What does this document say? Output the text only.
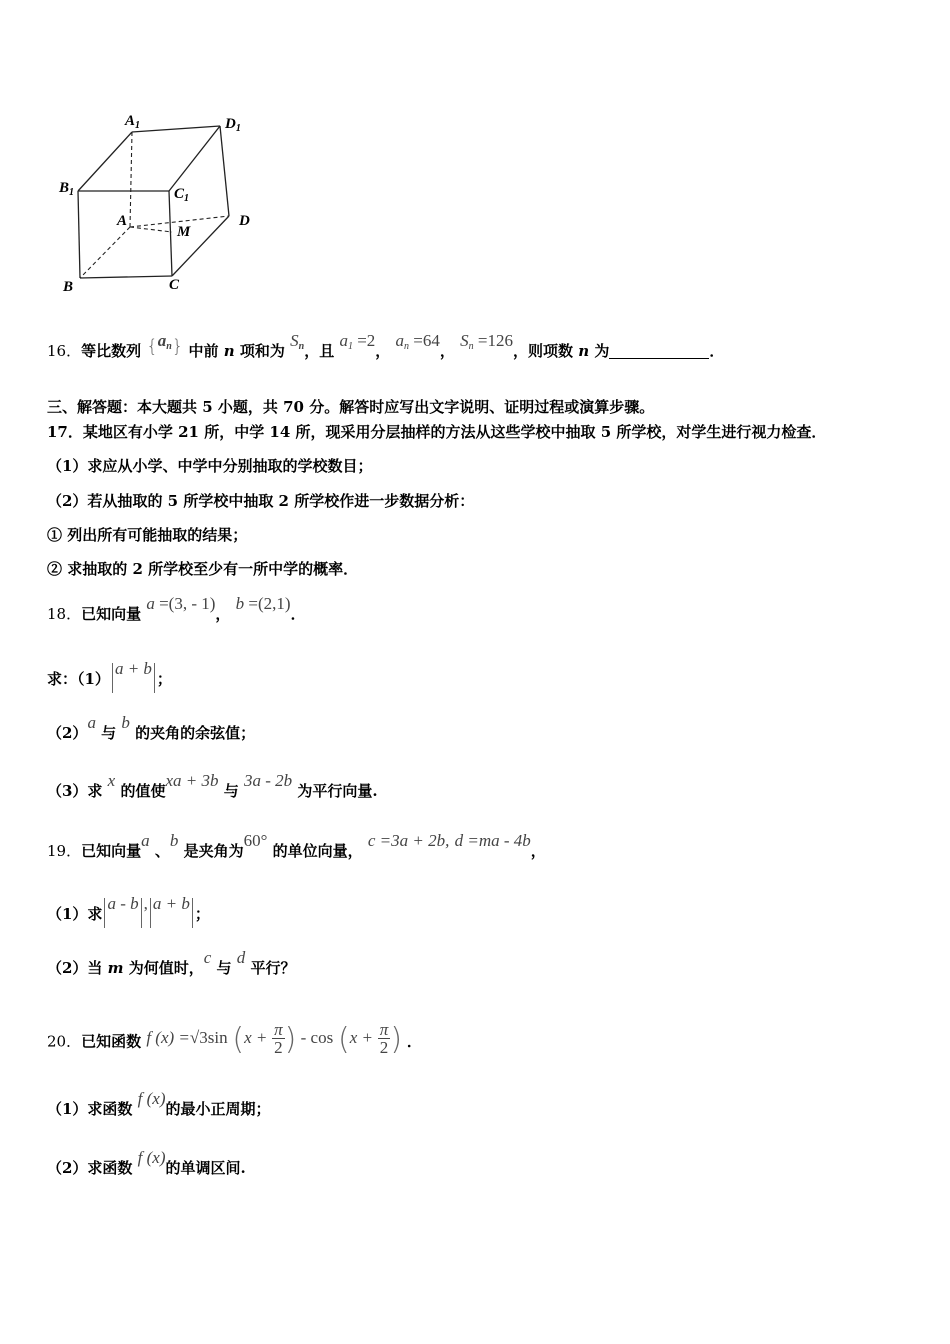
$A_1$	$D_1$
$B_1$	$C_1$
A	D
M
B	C
16．等比数列 $\{a_n\}$ 中前 n 项和为 $S_n$，且 $a_1 =2$， $a_n =64$， $S_n =126$，则项数 n 为	．
三、解答题：本大题共 5 小题，共 70 分。解答时应写出文字说明、证明过程或演算步骤。
17．某地区有小学 21 所，中学 14 所，现采用分层抽样的方法从这些学校中抽取 5 所学校，对学生进行视力检查．
（1）求应从小学、中学中分别抽取的学校数目；
（2）若从抽取的 5 所学校中抽取 2 所学校作进一步数据分析：
① 列出所有可能抽取的结果；
② 求抽取的 2 所学校至少有一所中学的概率．
18．已知向量 a =(3, - 1)， b =(2,1)．
求：（1）a + b；
（2）a 与 b 的夹角的余弦值；
（3）求 x 的值使xa + 3b 与 3a - 2b 为平行向量.
19．已知向量a 、b 是夹角为60° 的单位向量， c =3a + 2b, d =ma - 4b，
（1）求a - b , a + b；
（2）当 m 为何值时，c 与 d 平行？
20．已知函数 f (x) =√3sin ($x + \frac{\pi}{2}$ ) - $\cos (x + \frac{\pi}{2}$ ) ．
（1）求函数 f (x)的最小正周期；
（2）求函数 f (x)的单调区间.
